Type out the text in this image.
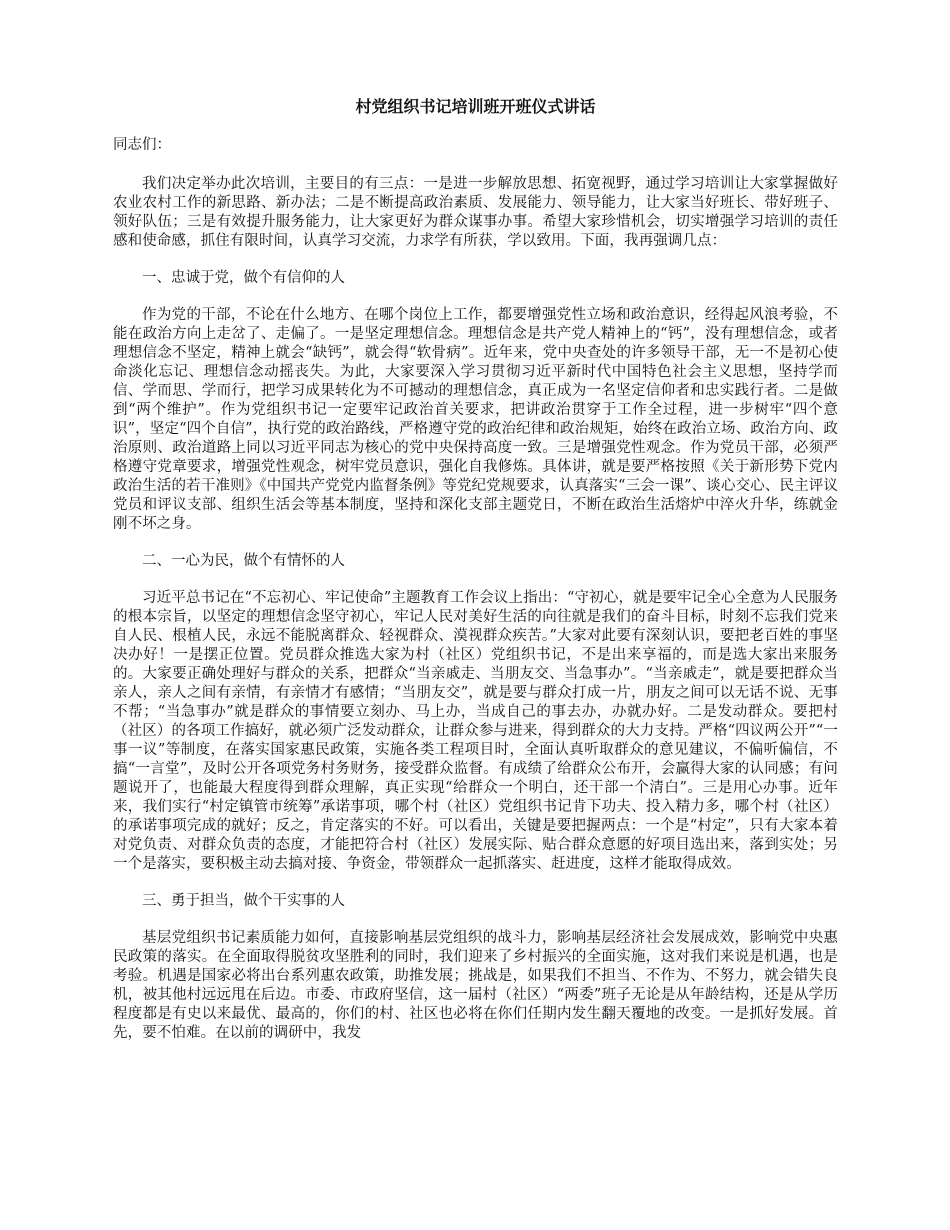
村党组织书记培训班开班仪式讲话
同志们：

我们决定举办此次培训，主要目的有三点：一是进一步解放思想、拓宽视野，通过学习培训让大家掌握做好农业农村工作的新思路、新办法；二是不断提高政治素质、发展能力、领导能力，让大家当好班长、带好班子、领好队伍；三是有效提升服务能力，让大家更好为群众谋事办事。希望大家珍惜机会，切实增强学习培训的责任感和使命感，抓住有限时间，认真学习交流，力求学有所获，学以致用。下面，我再强调几点：

一、忠诚于党，做个有信仰的人

作为党的干部，不论在什么地方、在哪个岗位上工作，都要增强党性立场和政治意识，经得起风浪考验，不能在政治方向上走岔了、走偏了。一是坚定理想信念。理想信念是共产党人精神上的“钙”，没有理想信念，或者理想信念不坚定，精神上就会“缺钙”，就会得“软骨病”。近年来，党中央查处的许多领导干部，无一不是初心使命淡化忘记、理想信念动摇丧失。为此，大家要深入学习贯彻习近平新时代中国特色社会主义思想，坚持学而信、学而思、学而行，把学习成果转化为不可撼动的理想信念，真正成为一名坚定信仰者和忠实践行者。二是做到“两个维护”。作为党组织书记一定要牢记政治首关要求，把讲政治贯穿于工作全过程，进一步树牢“四个意识”，坚定“四个自信”，执行党的政治路线，严格遵守党的政治纪律和政治规矩，始终在政治立场、政治方向、政治原则、政治道路上同以习近平同志为核心的党中央保持高度一致。三是增强党性观念。作为党员干部，必须严格遵守党章要求，增强党性观念，树牢党员意识，强化自我修炼。具体讲，就是要严格按照《关于新形势下党内政治生活的若干准则》《中国共产党党内监督条例》等党纪党规要求，认真落实“三会一课”、谈心交心、民主评议党员和评议支部、组织生活会等基本制度，坚持和深化支部主题党日，不断在政治生活熔炉中淬火升华，练就金刚不坏之身。

二、一心为民，做个有情怀的人

习近平总书记在“不忘初心、牢记使命”主题教育工作会议上指出：“守初心，就是要牢记全心全意为人民服务的根本宗旨，以坚定的理想信念坚守初心，牢记人民对美好生活的向往就是我们的奋斗目标，时刻不忘我们党来自人民、根植人民，永远不能脱离群众、轻视群众、漠视群众疾苦。”大家对此要有深刻认识，要把老百姓的事坚决办好！一是摆正位置。党员群众推选大家为村（社区）党组织书记，不是出来享福的，而是选大家出来服务的。大家要正确处理好与群众的关系，把群众“当亲戚走、当朋友交、当急事办”。“当亲戚走”，就是要把群众当亲人，亲人之间有亲情，有亲情才有感情；“当朋友交”，就是要与群众打成一片，朋友之间可以无话不说、无事不帮；“当急事办”就是群众的事情要立刻办、马上办，当成自己的事去办，办就办好。二是发动群众。要把村（社区）的各项工作搞好，就必须广泛发动群众，让群众参与进来，得到群众的大力支持。严格“四议两公开”“一事一议”等制度，在落实国家惠民政策，实施各类工程项目时，全面认真听取群众的意见建议，不偏听偏信，不搞“一言堂”，及时公开各项党务村务财务，接受群众监督。有成绩了给群众公布开，会赢得大家的认同感；有问题说开了，也能最大程度得到群众理解，真正实现“给群众一个明白，还干部一个清白”。三是用心办事。近年来，我们实行“村定镇管市统筹”承诺事项，哪个村（社区）党组织书记肯下功夫、投入精力多，哪个村（社区）的承诺事项完成的就好；反之，肯定落实的不好。可以看出，关键是要把握两点：一个是“村定”，只有大家本着对党负责、对群众负责的态度，才能把符合村（社区）发展实际、贴合群众意愿的好项目选出来，落到实处；另一个是落实，要积极主动去搞对接、争资金，带领群众一起抓落实、赶进度，这样才能取得成效。

三、勇于担当，做个干实事的人

基层党组织书记素质能力如何，直接影响基层党组织的战斗力，影响基层经济社会发展成效，影响党中央惠民政策的落实。在全面取得脱贫攻坚胜利的同时，我们迎来了乡村振兴的全面实施，这对我们来说是机遇，也是考验。机遇是国家必将出台系列惠农政策，助推发展；挑战是，如果我们不担当、不作为、不努力，就会错失良机，被其他村远远甩在后边。市委、市政府坚信，这一届村（社区）“两委”班子无论是从年龄结构，还是从学历程度都是有史以来最优、最高的，你们的村、社区也必将在你们任期内发生翻天覆地的改变。一是抓好发展。首先，要不怕难。在以前的调研中，我发
